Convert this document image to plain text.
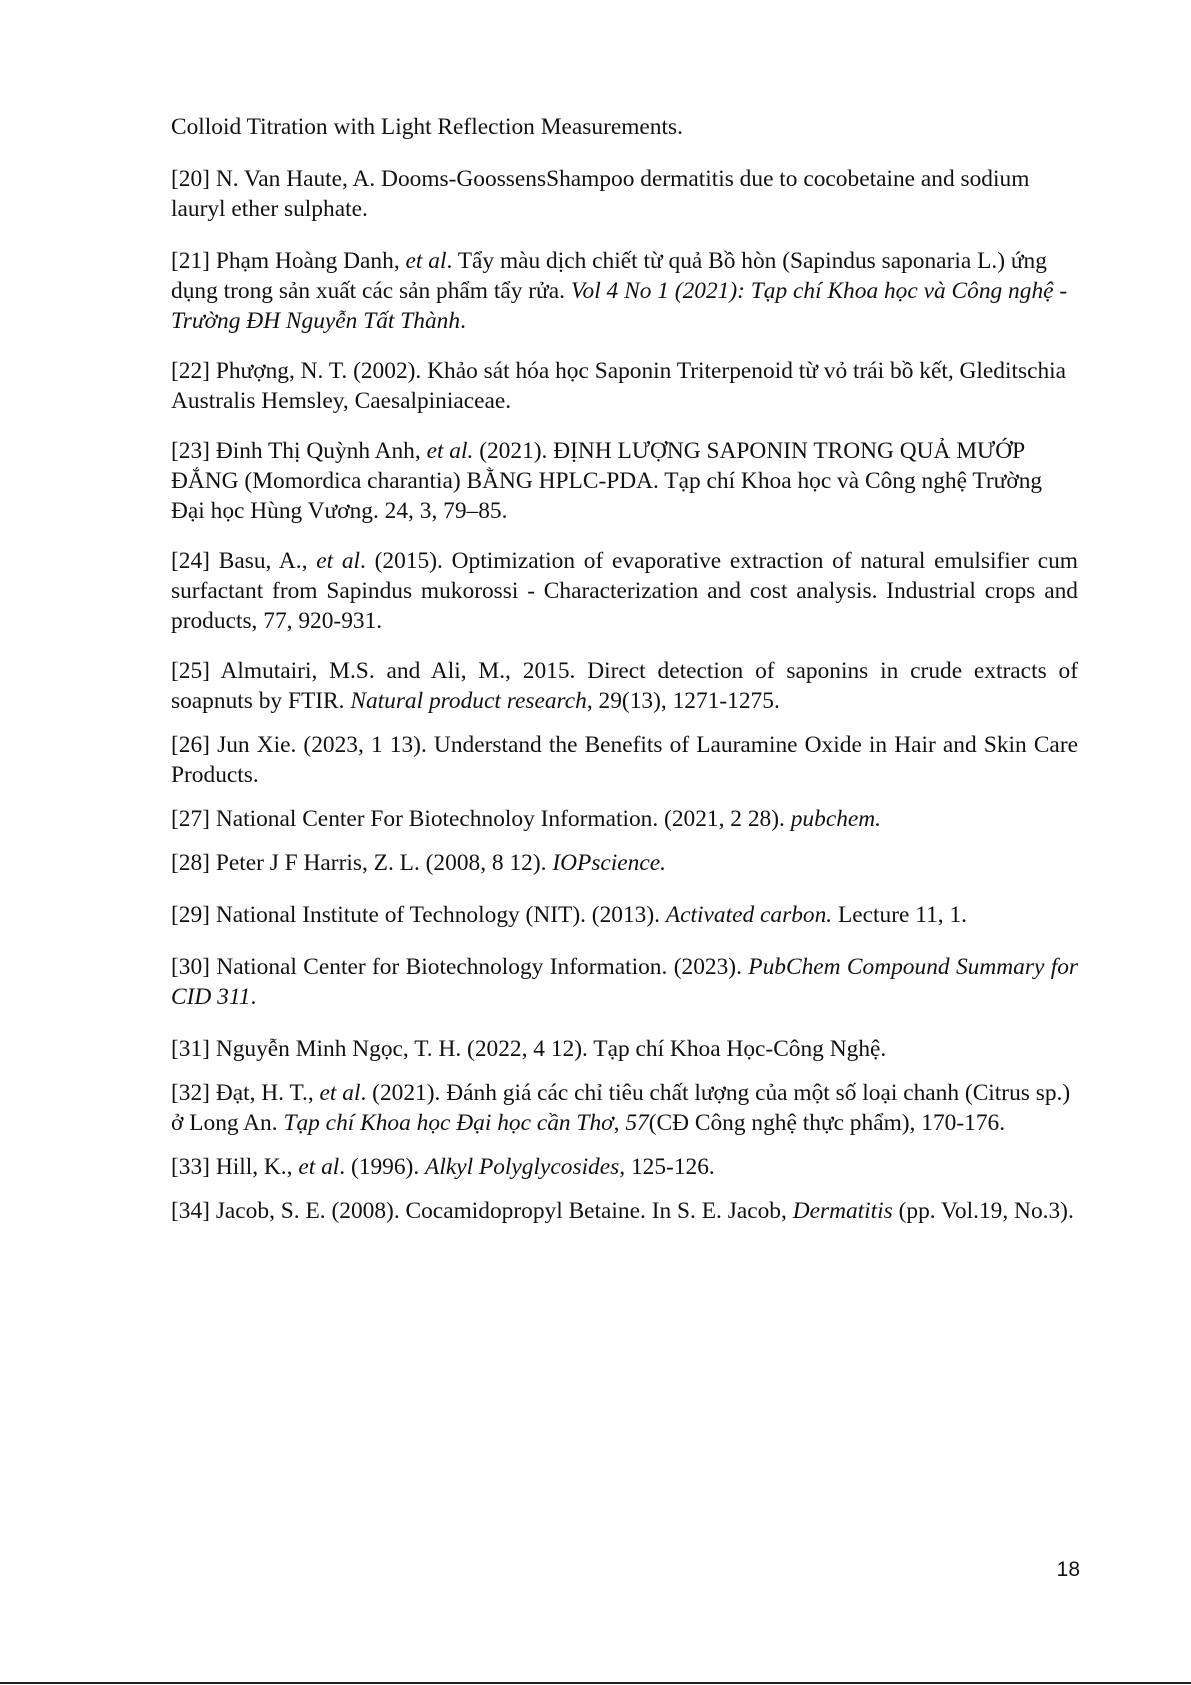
Colloid Titration with Light Reflection Measurements.

[20] N. Van Haute, A. Dooms-GoossensShampoo dermatitis due to cocobetaine and sodium lauryl ether sulphate.

[21] Phạm Hoàng Danh, et al. Tẩy màu dịch chiết từ quả Bồ hòn (Sapindus saponaria L.) ứng dụng trong sản xuất các sản phẩm tẩy rửa. Vol 4 No 1 (2021): Tạp chí Khoa học và Công nghệ - Trường ĐH Nguyễn Tất Thành.

[22] Phượng, N. T. (2002). Khảo sát hóa học Saponin Triterpenoid từ vỏ trái bồ kết, Gleditschia Australis Hemsley, Caesalpiniaceae.

[23] Đinh Thị Quỳnh Anh, et al. (2021). ĐỊNH LƯỢNG SAPONIN TRONG QUẢ MƯỚP ĐẮNG (Momordica charantia) BẰNG HPLC-PDA. Tạp chí Khoa học và Công nghệ Trường Đại học Hùng Vương. 24, 3, 79–85.

[24] Basu, A., et al. (2015). Optimization of evaporative extraction of natural emulsifier cum surfactant from Sapindus mukorossi - Characterization and cost analysis. Industrial crops and products, 77, 920-931.

[25] Almutairi, M.S. and Ali, M., 2015. Direct detection of saponins in crude extracts of soapnuts by FTIR. Natural product research, 29(13), 1271-1275.

[26] Jun Xie. (2023, 1 13). Understand the Benefits of Lauramine Oxide in Hair and Skin Care Products.

[27] National Center For Biotechnoloy Information. (2021, 2 28). pubchem.

[28] Peter J F Harris, Z. L. (2008, 8 12). IOPscience.

[29] National Institute of Technology (NIT). (2013). Activated carbon. Lecture 11, 1.

[30] National Center for Biotechnology Information. (2023). PubChem Compound Summary for CID 311.

[31] Nguyễn Minh Ngọc, T. H. (2022, 4 12). Tạp chí Khoa Học-Công Nghệ.

[32] Đạt, H. T., et al. (2021). Đánh giá các chỉ tiêu chất lượng của một số loại chanh (Citrus sp.) ở Long An. Tạp chí Khoa học Đại học cần Thơ, 57(CĐ Công nghệ thực phẩm), 170-176.

[33] Hill, K., et al. (1996). Alkyl Polyglycosides, 125-126.

[34] Jacob, S. E. (2008). Cocamidopropyl Betaine. In S. E. Jacob, Dermatitis (pp. Vol.19, No.3).

18
